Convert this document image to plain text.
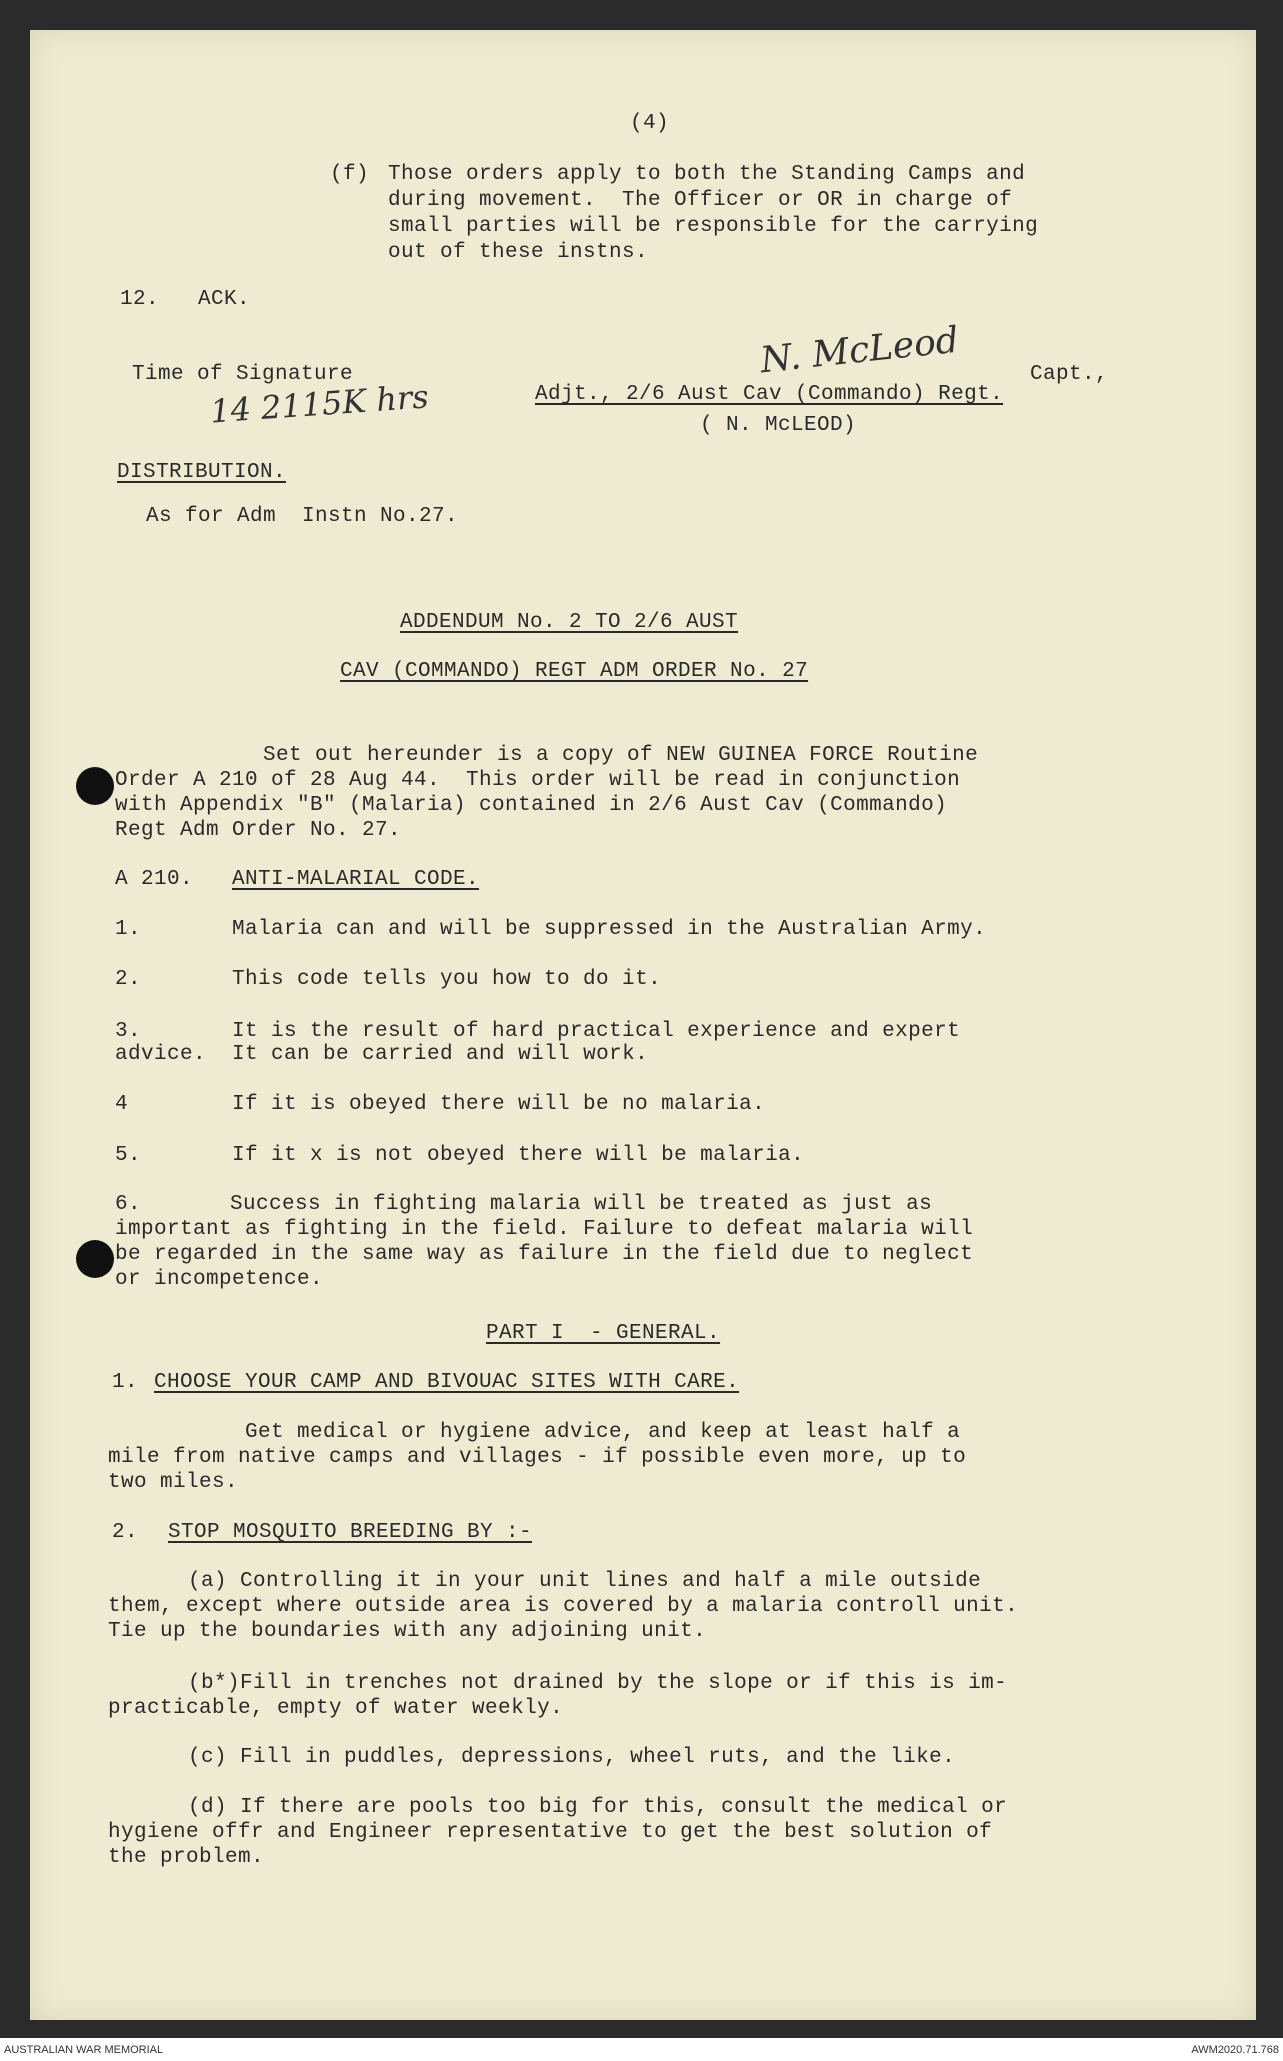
(4)
(f) Those orders apply to both the Standing Camps and
during movement.  The Officer or OR in charge of
small parties will be responsible for the carrying
out of these instns.
12.   ACK.
Time of Signature
14 2115K hrs
N. McLeod	Capt.,
Adjt., 2/6 Aust Cav (Commando) Regt.
( N. McLEOD)
DISTRIBUTION.
As for Adm  Instn No.27.
ADDENDUM No. 2 TO 2/6 AUST
CAV (COMMANDO) REGT ADM ORDER No. 27
Set out hereunder is a copy of NEW GUINEA FORCE Routine
Order A 210 of 28 Aug 44.  This order will be read in conjunction
with Appendix "B" (Malaria) contained in 2/6 Aust Cav (Commando)
Regt Adm Order No. 27.
A 210. ANTI-MALARIAL CODE.
1.	Malaria can and will be suppressed in the Australian Army.
2.	This code tells you how to do it.
3.	It is the result of hard practical experience and expert
advice.  It can be carried and will work.
4	If it is obeyed there will be no malaria.
5.	If it x is not obeyed there will be malaria.
6.	Success in fighting malaria will be treated as just as
important as fighting in the field. Failure to defeat malaria will
be regarded in the same way as failure in the field due to neglect
or incompetence.
PART I  - GENERAL.
1. CHOOSE YOUR CAMP AND BIVOUAC SITES WITH CARE.
Get medical or hygiene advice, and keep at least half a
mile from native camps and villages - if possible even more, up to
two miles.
2. STOP MOSQUITO BREEDING BY :-
(a) Controlling it in your unit lines and half a mile outside
them, except where outside area is covered by a malaria controll unit.
Tie up the boundaries with any adjoining unit.
(b*)Fill in trenches not drained by the slope or if this is im-
practicable, empty of water weekly.
(c) Fill in puddles, depressions, wheel ruts, and the like.
(d) If there are pools too big for this, consult the medical or
hygiene offr and Engineer representative to get the best solution of
the problem.
AUSTRALIAN WAR MEMORIAL	AWM2020.71.768
